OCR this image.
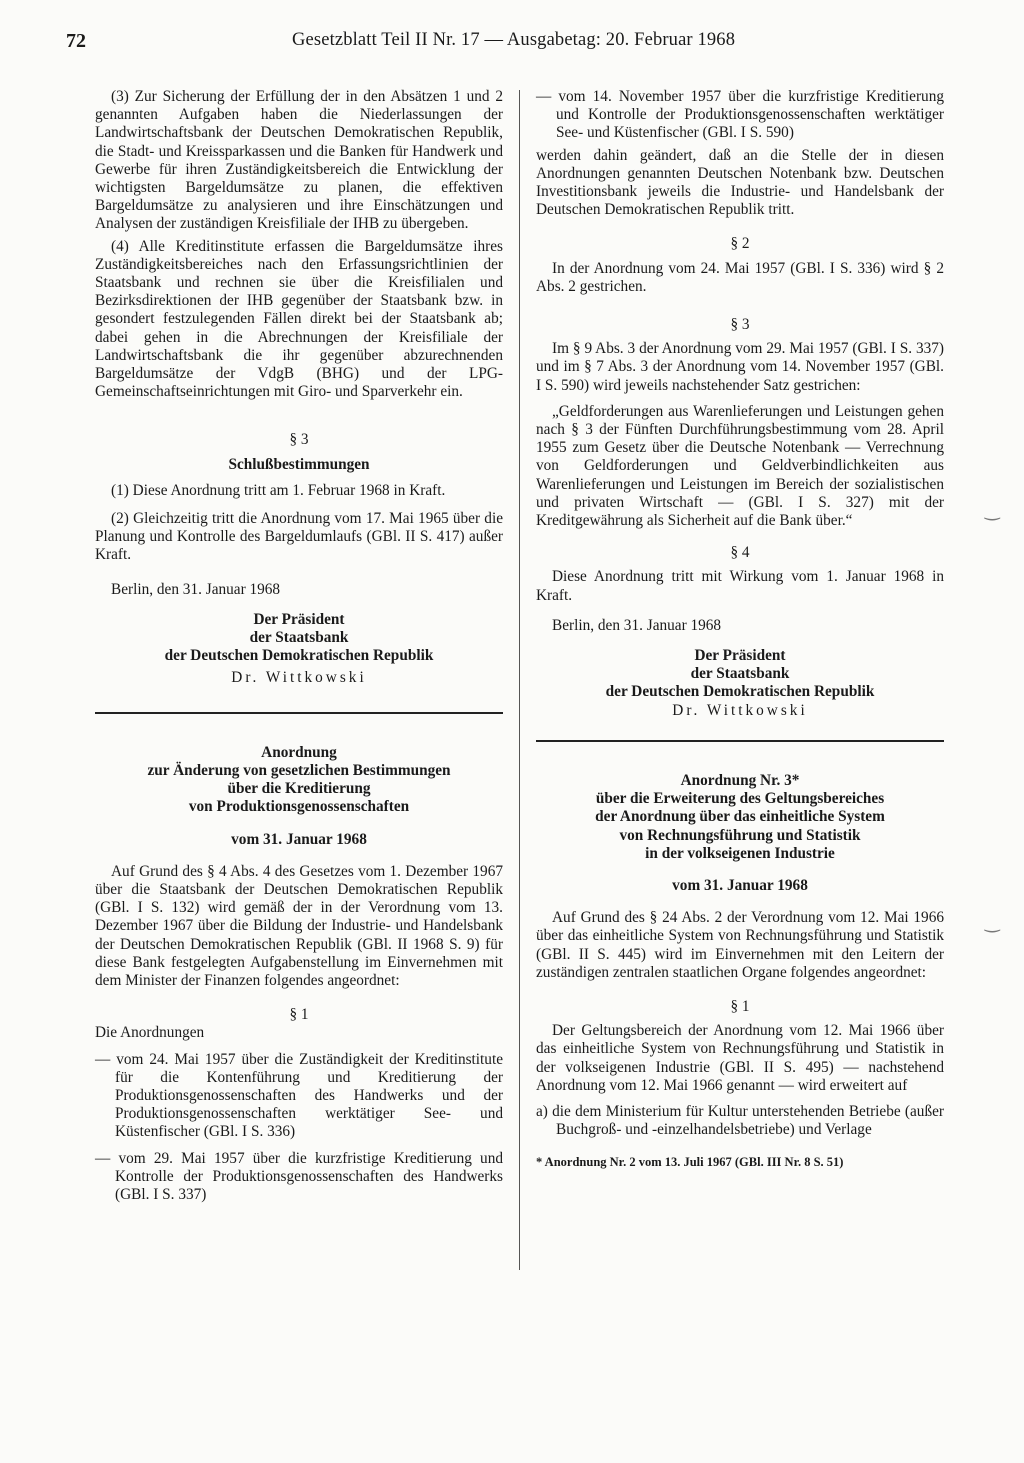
72	Gesetzblatt Teil II Nr. 17 — Ausgabetag: 20. Februar 1968

(3) Zur Sicherung der Erfüllung der in den Absätzen 1 und 2 genannten Aufgaben haben die Niederlassungen der Landwirtschaftsbank der Deutschen Demokratischen Republik, die Stadt- und Kreissparkassen und die Banken für Handwerk und Gewerbe für ihren Zuständigkeitsbereich die Entwicklung der wichtigsten Bargeldumsätze zu planen, die effektiven Bargeldumsätze zu analysieren und ihre Einschätzungen und Analysen der zuständigen Kreisfiliale der IHB zu übergeben.

(4) Alle Kreditinstitute erfassen die Bargeldumsätze ihres Zuständigkeitsbereiches nach den Erfassungsrichtlinien der Staatsbank und rechnen sie über die Kreisfilialen und Bezirksdirektionen der IHB gegenüber der Staatsbank bzw. in gesondert festzulegenden Fällen direkt bei der Staatsbank ab; dabei gehen in die Abrechnungen der Kreisfiliale der Landwirtschaftsbank die ihr gegenüber abzurechnenden Bargeldumsätze der VdgB (BHG) und der LPG-Gemeinschaftseinrichtungen mit Giro- und Sparverkehr ein.

§ 3

Schlußbestimmungen

(1) Diese Anordnung tritt am 1. Februar 1968 in Kraft.

(2) Gleichzeitig tritt die Anordnung vom 17. Mai 1965 über die Planung und Kontrolle des Bargeldumlaufs (GBl. II S. 417) außer Kraft.

Berlin, den 31. Januar 1968

Der Präsident

der Staatsbank

der Deutschen Demokratischen Republik

Dr. Wittkowski

Anordnung

zur Änderung von gesetzlichen Bestimmungen

über die Kreditierung

von Produktionsgenossenschaften

vom 31. Januar 1968

Auf Grund des § 4 Abs. 4 des Gesetzes vom 1. Dezember 1967 über die Staatsbank der Deutschen Demokratischen Republik (GBl. I S. 132) wird gemäß der in der Verordnung vom 13. Dezember 1967 über die Bildung der Industrie- und Handelsbank der Deutschen Demokratischen Republik (GBl. II 1968 S. 9) für diese Bank festgelegten Aufgabenstellung im Einvernehmen mit dem Minister der Finanzen folgendes angeordnet:

§ 1

Die Anordnungen

— vom 24. Mai 1957 über die Zuständigkeit der Kreditinstitute für die Kontenführung und Kreditierung der Produktionsgenossenschaften des Handwerks und der Produktionsgenossenschaften werktätiger See- und Küstenfischer (GBl. I S. 336)

— vom 29. Mai 1957 über die kurzfristige Kreditierung und Kontrolle der Produktionsgenossenschaften des Handwerks (GBl. I S. 337)

— vom 14. November 1957 über die kurzfristige Kreditierung und Kontrolle der Produktionsgenossenschaften werktätiger See- und Küstenfischer (GBl. I S. 590)

werden dahin geändert, daß an die Stelle der in diesen Anordnungen genannten Deutschen Notenbank bzw. Deutschen Investitionsbank jeweils die Industrie- und Handelsbank der Deutschen Demokratischen Republik tritt.

§ 2

In der Anordnung vom 24. Mai 1957 (GBl. I S. 336) wird § 2 Abs. 2 gestrichen.

§ 3

Im § 9 Abs. 3 der Anordnung vom 29. Mai 1957 (GBl. I S. 337) und im § 7 Abs. 3 der Anordnung vom 14. November 1957 (GBl. I S. 590) wird jeweils nachstehender Satz gestrichen:

„Geldforderungen aus Warenlieferungen und Leistungen gehen nach § 3 der Fünften Durchführungsbestimmung vom 28. April 1955 zum Gesetz über die Deutsche Notenbank — Verrechnung von Geldforderungen und Geldverbindlichkeiten aus Warenlieferungen und Leistungen im Bereich der sozialistischen und privaten Wirtschaft — (GBl. I S. 327) mit der Kreditgewährung als Sicherheit auf die Bank über.“

§ 4

Diese Anordnung tritt mit Wirkung vom 1. Januar 1968 in Kraft.

Berlin, den 31. Januar 1968

Der Präsident

der Staatsbank

der Deutschen Demokratischen Republik

Dr. Wittkowski

Anordnung Nr. 3*

über die Erweiterung des Geltungsbereiches

der Anordnung über das einheitliche System

von Rechnungsführung und Statistik

in der volkseigenen Industrie

vom 31. Januar 1968

Auf Grund des § 24 Abs. 2 der Verordnung vom 12. Mai 1966 über das einheitliche System von Rechnungsführung und Statistik (GBl. II S. 445) wird im Einvernehmen mit den Leitern der zuständigen zentralen staatlichen Organe folgendes angeordnet:

§ 1

Der Geltungsbereich der Anordnung vom 12. Mai 1966 über das einheitliche System von Rechnungsführung und Statistik in der volkseigenen Industrie (GBl. II S. 495) — nachstehend Anordnung vom 12. Mai 1966 genannt — wird erweitert auf

a) die dem Ministerium für Kultur unterstehenden Betriebe (außer Buchgroß- und -einzelhandelsbetriebe) und Verlage

* Anordnung Nr. 2 vom 13. Juli 1967 (GBl. III Nr. 8 S. 51)

‿
‿
